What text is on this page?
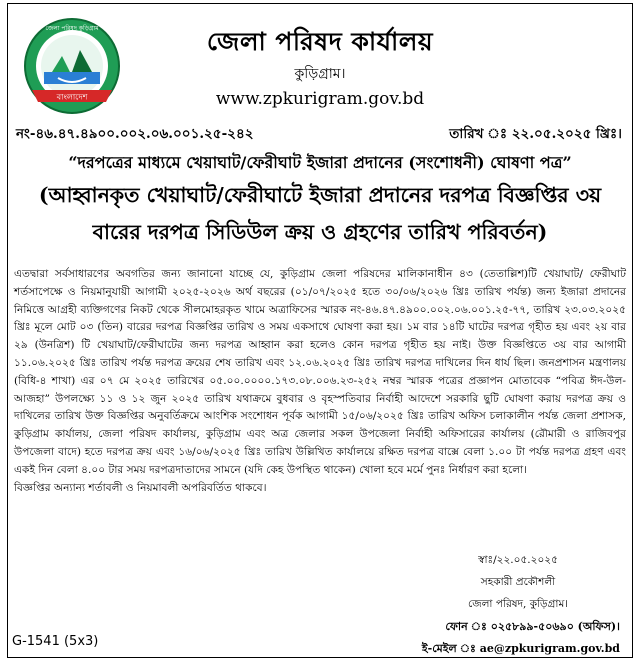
বাংলাদেশ
জেলা পরিষদ কুড়িগ্রাম	জেলা পরিষদ কার্যালয়
কুড়িগ্রাম।
www.zpkurigram.gov.bd
নং-৪৬.৪৭.৪৯০০.০০২.০৬.০০১.২৫-২৪২	তারিখ ঃ ২২.০৫.২০২৫ খ্রিঃ।
“দরপত্রের মাধ্যমে খেয়াঘাট/ফেরীঘাট ইজারা প্রদানের (সংশোধনী) ঘোষণা পত্র”
(আহ্বানকৃত খেয়াঘাট/ফেরীঘাটে ইজারা প্রদানের দরপত্র বিজ্ঞপ্তির ৩য় বারের দরপত্র সিডিউল ক্রয় ও গ্রহণের তারিখ পরিবর্তন)

এতদ্বারা সর্বসাধারণের অবগতির জন্য জানানো যাচ্ছে যে, কুড়িগ্রাম জেলা পরিষদের মালিকানাধীন ৪৩ (তেতাল্লিশ)টি খেয়াঘাট/ ফেরীঘাট শর্তসাপেক্ষে ও নিয়মানুযায়ী আগামী ২০২৫-২০২৬ অর্থ বছরের (০১/০৭/২০২৫ হতে ৩০/০৬/২০২৬ খ্রিঃ তারিখ পর্যন্ত) জন্য ইজারা প্রদানের নিমিত্তে আগ্রহী ব্যক্তিগণের নিকট থেকে সীলমোহরকৃত খামে অত্রাফিসের স্মারক নং-৪৬.৪৭.৪৯০০.০০২.০৬.০০১.২৫-৭৭, তারিখ ২৩.০৩.২০২৫ খ্রিঃ মূলে মোট ০৩ (তিন) বারের দরপত্র বিজ্ঞপ্তির তারিখ ও সময় একসাথে ঘোষণা করা হয়। ১ম বার ১৪টি ঘাটের দরপত্র গৃহীত হয় এবং ২য় বার ২৯ (উনত্রিশ) টি খেয়াঘাট/ফেরীঘাটের জন্য দরপত্র আহ্বান করা হলেও কোন দরপত্র গৃহীত হয় নাই। উক্ত বিজ্ঞপ্তিতে ৩য় বার আগামী ১১.০৬.২০২৫ খ্রিঃ তারিখ পর্যন্ত দরপত্র ক্রয়ের শেষ তারিখ এবং ১২.০৬.২০২৫ খ্রিঃ তারিখ দরপত্র দাখিলের দিন ধার্য ছিল। জনপ্রশাসন মন্ত্রণালয় (বিধি-৪ শাখা) এর ০৭ মে ২০২৫ তারিখের ০৫.০০.০০০০.১৭৩.০৮.০০৬.২৩-২৫২ নম্বর স্মারক পত্রের প্রজ্ঞাপন মোতাবেক “পবিত্র ঈদ-উল-আজহা” উপলক্ষ্যে ১১ ও ১২ জুন ২০২৫ তারিখ যথাক্রমে বুধবার ও বৃহস্পতিবার নির্বাহী আদেশে সরকারি ছুটি ঘোষণা করায় দরপত্র ক্রয় ও দাখিলের তারিখ উক্ত বিজ্ঞপ্তির অনুবর্তিক্রমে আংশিক সংশোধন পূর্বক আগামী ১৫/০৬/২০২৫ খ্রিঃ তারিখ অফিস চলাকালীন পর্যন্ত জেলা প্রশাসক, কুড়িগ্রাম কার্যালয়, জেলা পরিষদ কার্যালয়, কুড়িগ্রাম এবং অত্র জেলার সকল উপজেলা নির্বাহী অফিসারের কার্যালয় (রৌমারী ও রাজিবপুর উপজেলা বাদে) হতে দরপত্র ক্রয় এবং ১৬/০৬/২০২৫ খ্রিঃ তারিখ উল্লিখিত কার্যালয়ে রক্ষিত দরপত্র বাক্সে বেলা ১.০০ টা পর্যন্ত দরপত্র গ্রহণ এবং একই দিন বেলা ৪.০০ টার সময় দরপত্রদাতাদের সামনে (যদি কেহ উপস্থিত থাকেন) খোলা হবে মর্মে পুনঃ নির্ধারণ করা হলো।

বিজ্ঞপ্তির অন্যান্য শর্তাবলী ও নিয়মাবলী অপরিবর্তিত থাকবে।

স্বাঃ/২২.০৫.২০২৫
সহকারী প্রকৌশলী
জেলা পরিষদ, কুড়িগ্রাম।
ফোন ঃ ০২৫৮৯৯-৫০৬৯০ (অফিস)।
ই-মেইল ঃ ae@zpkurigram.gov.bd
G-1541 (5x3)
